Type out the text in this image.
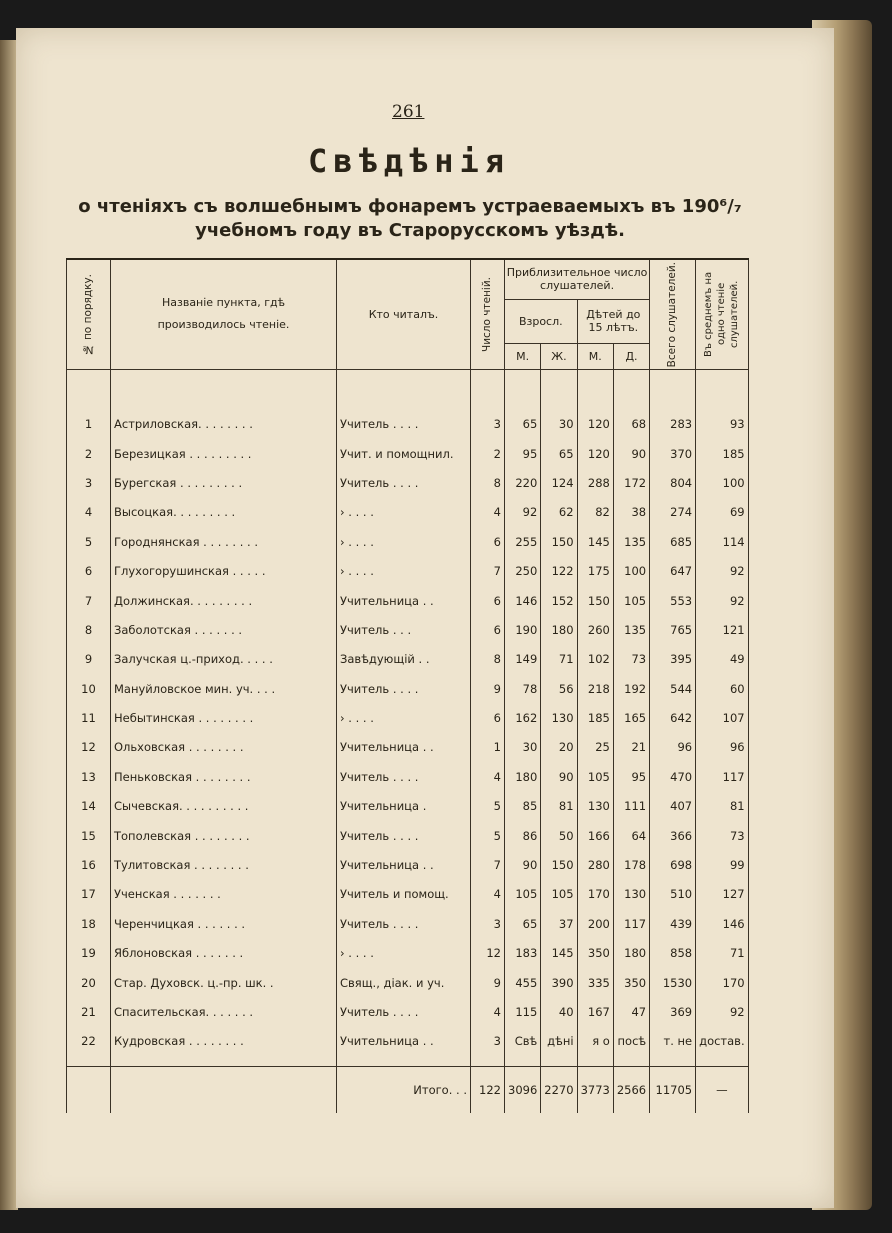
261
Свѣдѣнія
о чтеніяхъ съ волшебнымъ фонаремъ устраеваемыхъ въ 190⁶/₇
учебномъ году въ Старорусскомъ уѣздѣ.
№ по порядку.	Названіе пункта, гдѣ производилось чтеніе.	Кто читалъ.	Число чтеній.	Приблизительное число слушателей.				Всего слушателей.	Въ среднемъ на одно чтеніе слушателей.

				Взросл.		Дѣтей до 15 лѣтъ.			
				М.	Ж.	М.	Д.		

1	Астриловская. . . . . . . .	Учитель . . . .	3	65	30	120	68	283	93
2	Березицкая . . . . . . . . .	Учит. и помощнил.	2	95	65	120	90	370	185
3	Бурегская . . . . . . . . .	Учитель . . . .	8	220	124	288	172	804	100
4	Высоцкая. . . . . . . . .	› . . . .	4	92	62	82	38	274	69
5	Городнянская . . . . . . . .	› . . . .	6	255	150	145	135	685	114
6	Глухогорушинская . . . . .	› . . . .	7	250	122	175	100	647	92
7	Должинская. . . . . . . . .	Учительница . .	6	146	152	150	105	553	92
8	Заболотская . . . . . . .	Учитель . . .	6	190	180	260	135	765	121
9	Залучская ц.-приход. . . . .	Завѣдующій . .	8	149	71	102	73	395	49
10	Мануйловское мин. уч. . . .	Учитель . . . .	9	78	56	218	192	544	60
11	Небытинская . . . . . . . .	› . . . .	6	162	130	185	165	642	107
12	Ольховская . . . . . . . .	Учительница . .	1	30	20	25	21	96	96
13	Пеньковская . . . . . . . .	Учитель . . . .	4	180	90	105	95	470	117
14	Сычевская. . . . . . . . . .	Учительница .	5	85	81	130	111	407	81
15	Тополевская . . . . . . . .	Учитель . . . .	5	86	50	166	64	366	73
16	Тулитовская . . . . . . . .	Учительница . .	7	90	150	280	178	698	99
17	Ученская . . . . . . .	Учитель и помощ.	4	105	105	170	130	510	127
18	Черенчицкая . . . . . . .	Учитель . . . .	3	65	37	200	117	439	146
19	Яблоновская . . . . . . .	› . . . .	12	183	145	350	180	858	71
20	Стар. Духовск. ц.-пр. шк. .	Свящ., діак. и уч.	9	455	390	335	350	1530	170
21	Спасительская. . . . . . .	Учитель . . . .	4	115	40	167	47	369	92
22	Кудровская . . . . . . . .	Учительница . .	3	Свѣ	дѣні	я о	посѣ	т. не	достав.

		Итого. . .	122	3096	2270	3773	2566	11705	—
